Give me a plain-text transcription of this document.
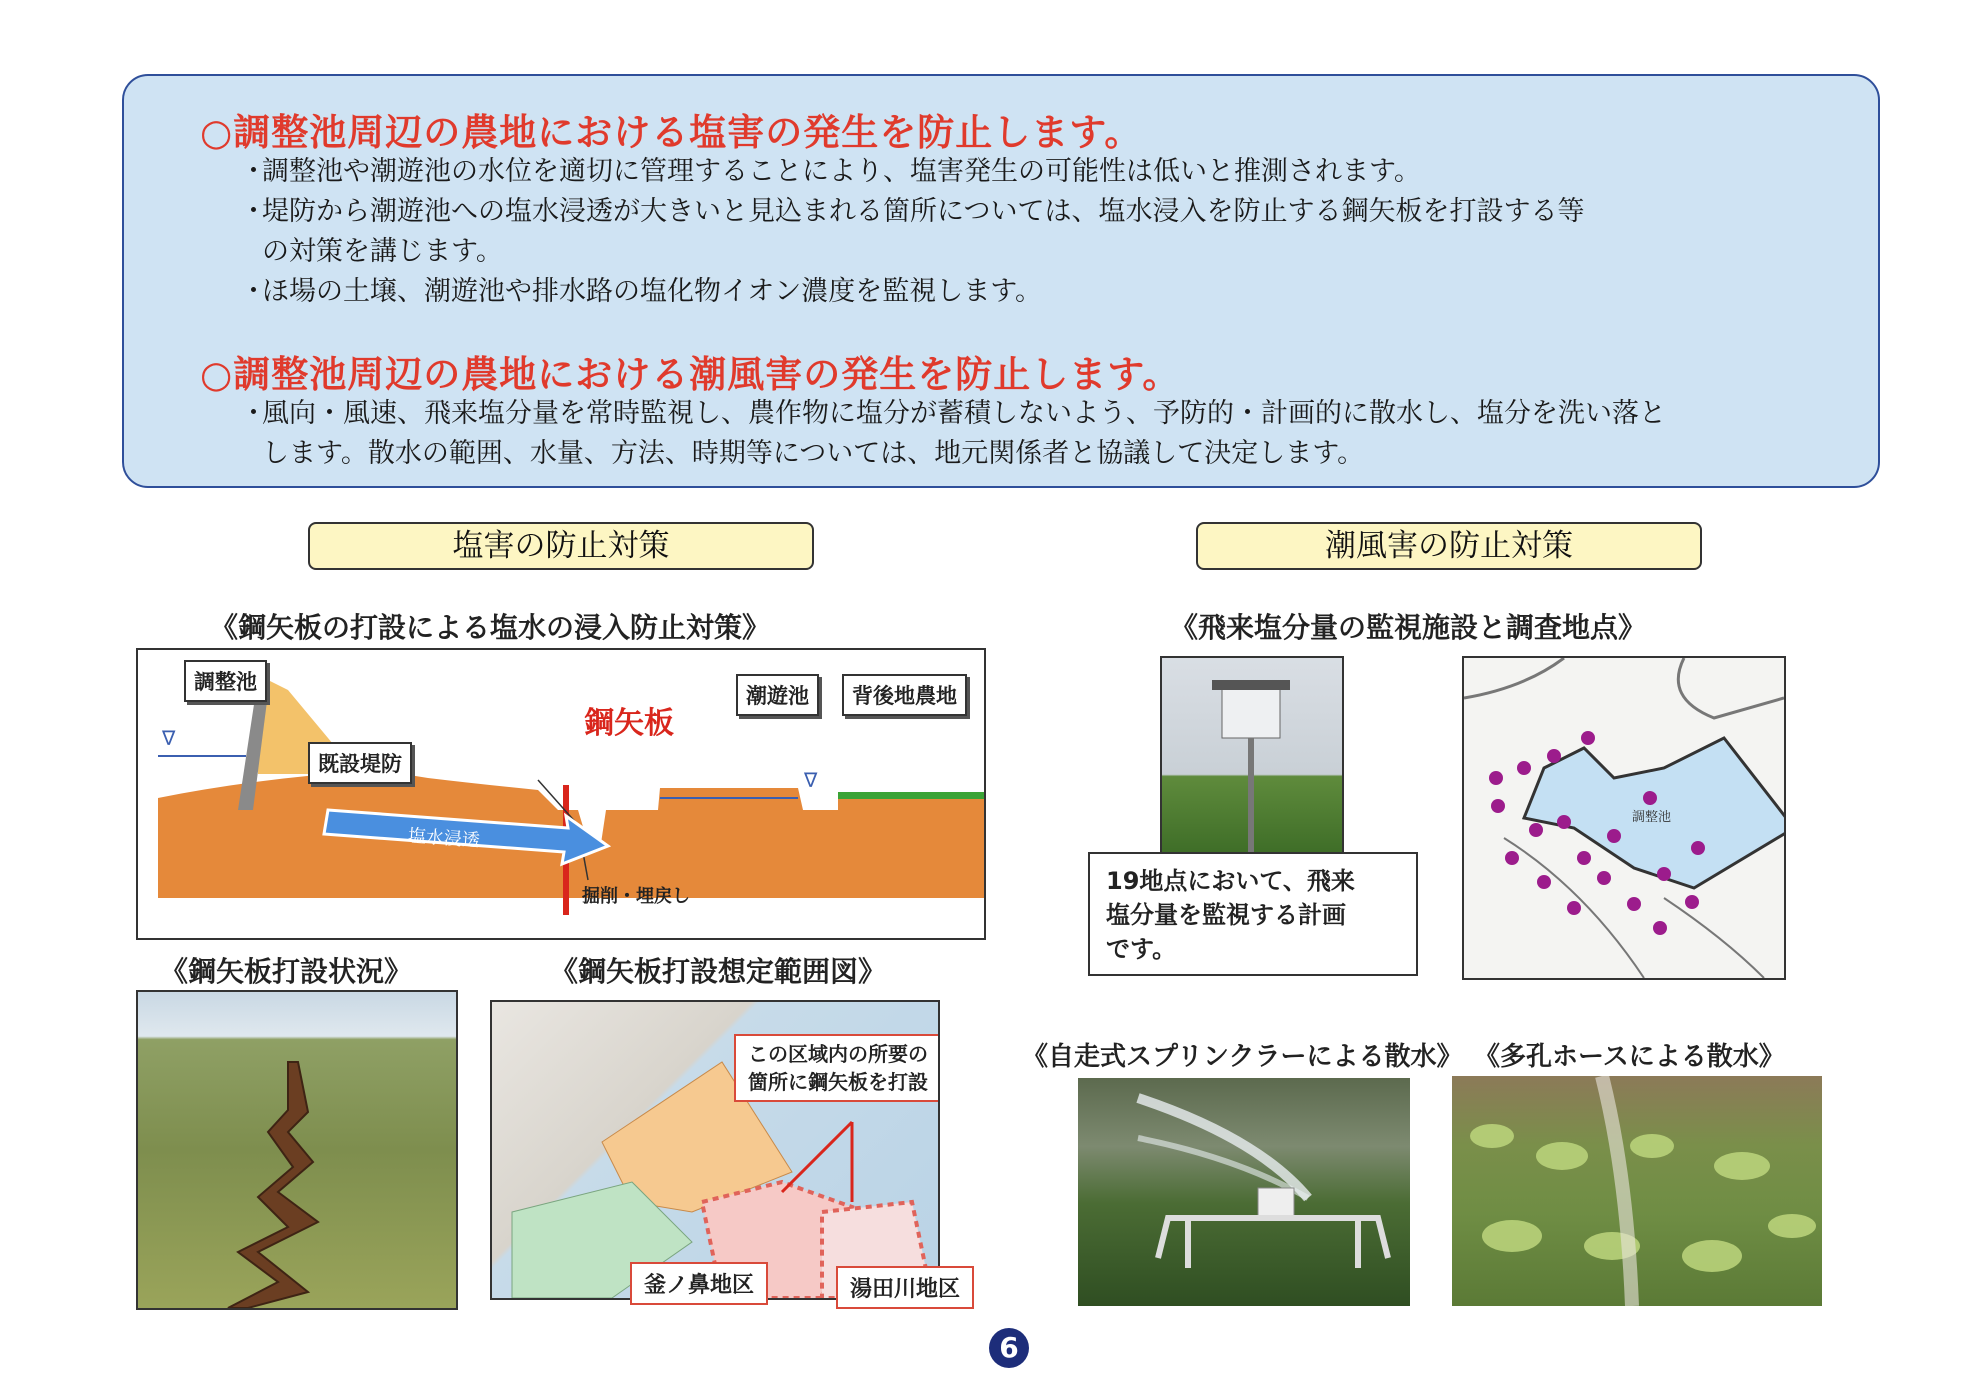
○調整池周辺の農地における塩害の発生を防止します。
・
調整池や潮遊池の水位を適切に管理することにより、塩害発生の可能性は低いと推測されます。
・
堤防から潮遊池への塩水浸透が大きいと見込まれる箇所については、塩水浸入を防止する鋼矢板を打設する等
の対策を講じます。
・
ほ場の土壌、潮遊池や排水路の塩化物イオン濃度を監視します。
○調整池周辺の農地における潮風害の発生を防止します。
・
風向・風速、飛来塩分量を常時監視し、農作物に塩分が蓄積しないよう、予防的・計画的に散水し、塩分を洗い落と
します。散水の範囲、水量、方法、時期等については、地元関係者と協議して決定します。
塩害の防止対策	潮風害の防止対策
《鋼矢板の打設による塩水の浸入防止対策》
調整池
既設堤防
潮遊池	背後地農地
鋼矢板
塩水浸透
掘削・埋戻し
∇
∇
《鋼矢板打設状況》	《鋼矢板打設想定範囲図》
この区域内の所要の
箇所に鋼矢板を打設
釜ノ鼻地区	湯田川地区
《飛来塩分量の監視施設と調査地点》
19地点において、飛来
塩分量を監視する計画
です。
調整池
《自走式スプリンクラーによる散水》 《多孔ホースによる散水》
6
